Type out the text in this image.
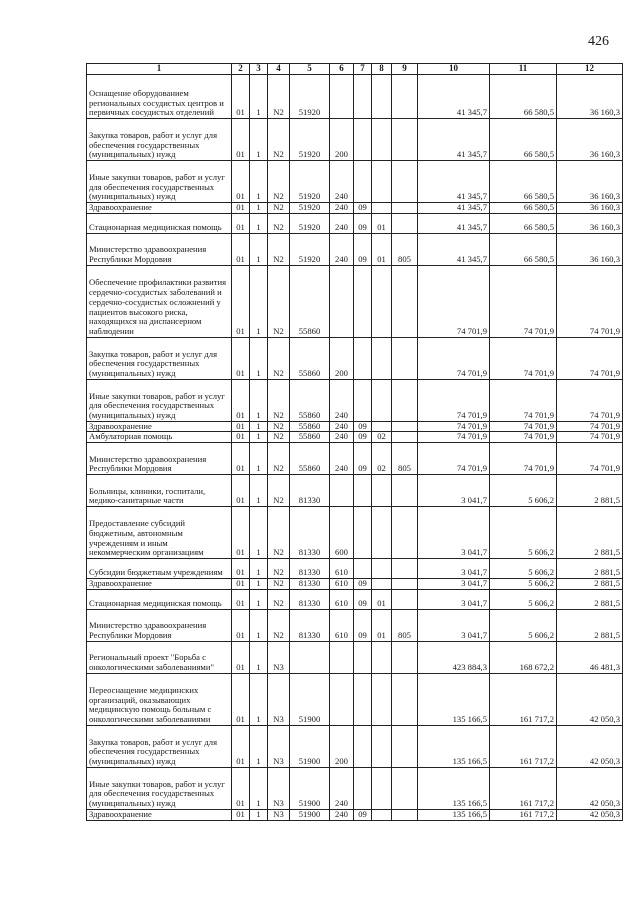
426
1	2	3	4	5	6	7	8	9	10	11	12
Оснащение оборудованием региональных сосудистых центров и первичных сосудистых отделений	01	1	N2	51920					41 345,7	66 580,5	36 160,3
Закупка товаров, работ и услуг для обеспечения государственных (муниципальных) нужд	01	1	N2	51920	200				41 345,7	66 580,5	36 160,3
Иные закупки товаров, работ и услуг для обеспечения государственных (муниципальных) нужд	01	1	N2	51920	240				41 345,7	66 580,5	36 160,3
Здравоохранение	01	1	N2	51920	240	09			41 345,7	66 580,5	36 160,3
Стационарная медицинская помощь	01	1	N2	51920	240	09	01		41 345,7	66 580,5	36 160,3
Министерство здравоохранения Республики Мордовия	01	1	N2	51920	240	09	01	805	41 345,7	66 580,5	36 160,3
Обеспечение профилактики развития сердечно-сосудистых заболеваний и сердечно-сосудистых осложнений у пациентов высокого риска, находящихся на диспансерном наблюдении	01	1	N2	55860					74 701,9	74 701,9	74 701,9
Закупка товаров, работ и услуг для обеспечения государственных (муниципальных) нужд	01	1	N2	55860	200				74 701,9	74 701,9	74 701,9
Иные закупки товаров, работ и услуг для обеспечения государственных (муниципальных) нужд	01	1	N2	55860	240				74 701,9	74 701,9	74 701,9
Здравоохранение	01	1	N2	55860	240	09			74 701,9	74 701,9	74 701,9
Амбулаторная помощь	01	1	N2	55860	240	09	02		74 701,9	74 701,9	74 701,9
Министерство здравоохранения Республики Мордовия	01	1	N2	55860	240	09	02	805	74 701,9	74 701,9	74 701,9
Больницы, клиники, госпитали, медико-санитарные части	01	1	N2	81330					3 041,7	5 606,2	2 881,5
Предоставление субсидий бюджетным, автономным учреждениям и иным некоммерческим организациям	01	1	N2	81330	600				3 041,7	5 606,2	2 881,5
Субсидии бюджетным учреждениям	01	1	N2	81330	610				3 041,7	5 606,2	2 881,5
Здравоохранение	01	1	N2	81330	610	09			3 041,7	5 606,2	2 881,5
Стационарная медицинская помощь	01	1	N2	81330	610	09	01		3 041,7	5 606,2	2 881,5
Министерство здравоохранения Республики Мордовия	01	1	N2	81330	610	09	01	805	3 041,7	5 606,2	2 881,5
Региональный проект "Борьба с онкологическими заболеваниями"	01	1	N3						423 884,3	168 672,2	46 481,3
Переоснащение медицинских организаций, оказывающих медицинскую помощь больным с онкологическими заболеваниями	01	1	N3	51900					135 166,5	161 717,2	42 050,3
Закупка товаров, работ и услуг для обеспечения государственных (муниципальных) нужд	01	1	N3	51900	200				135 166,5	161 717,2	42 050,3
Иные закупки товаров, работ и услуг для обеспечения государственных (муниципальных) нужд	01	1	N3	51900	240				135 166,5	161 717,2	42 050,3
Здравоохранение	01	1	N3	51900	240	09			135 166,5	161 717,2	42 050,3
